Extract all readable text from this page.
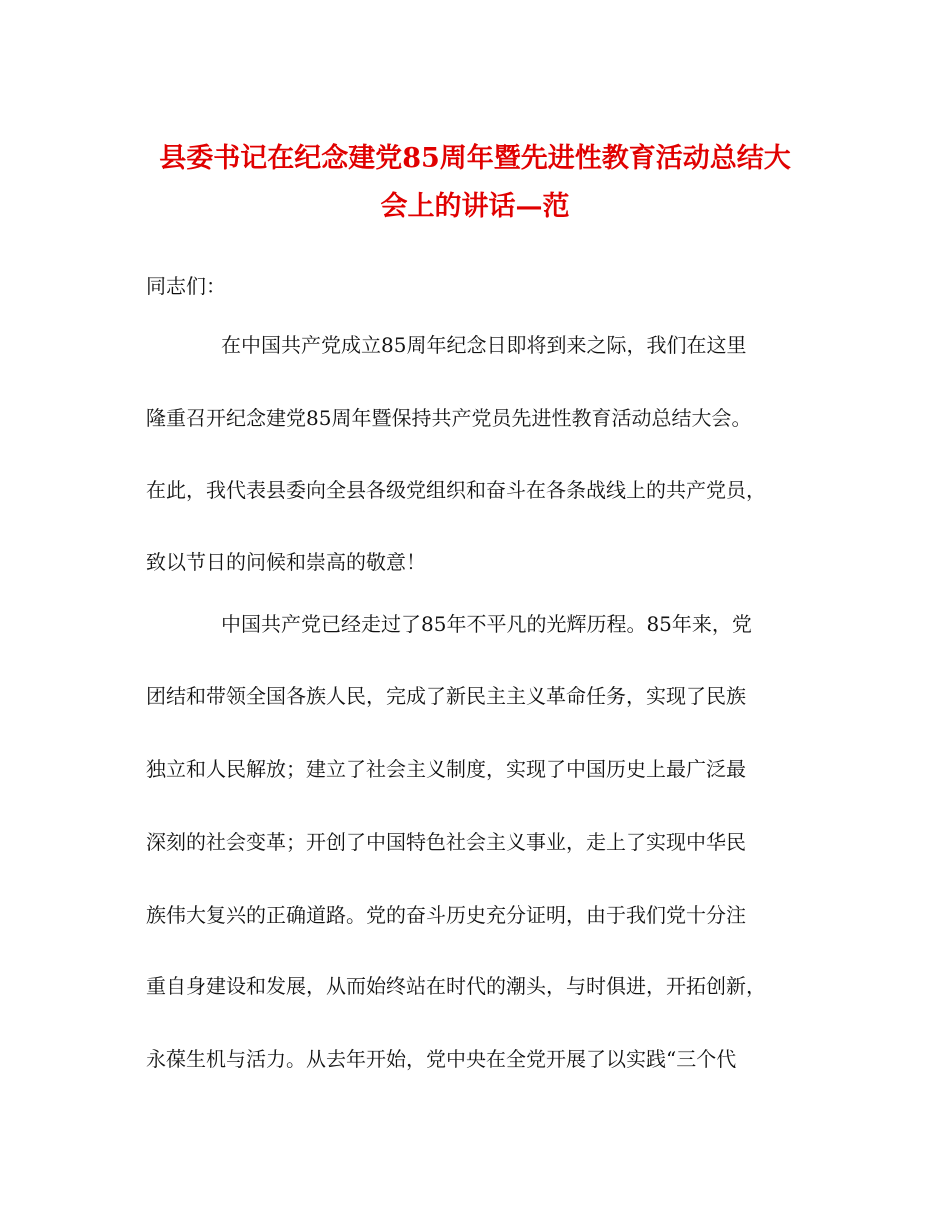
县委书记在纪念建党85周年暨先进性教育活动总结大
会上的讲话—范

同志们：

在中国共产党成立85周年纪念日即将到来之际，我们在这里

隆重召开纪念建党85周年暨保持共产党员先进性教育活动总结大会。

在此，我代表县委向全县各级党组织和奋斗在各条战线上的共产党员，

致以节日的问候和崇高的敬意！

中国共产党已经走过了85年不平凡的光辉历程。85年来，党

团结和带领全国各族人民，完成了新民主主义革命任务，实现了民族

独立和人民解放；建立了社会主义制度，实现了中国历史上最广泛最

深刻的社会变革；开创了中国特色社会主义事业，走上了实现中华民

族伟大复兴的正确道路。党的奋斗历史充分证明，由于我们党十分注

重自身建设和发展，从而始终站在时代的潮头，与时俱进，开拓创新，

永葆生机与活力。从去年开始，党中央在全党开展了以实践“三个代
